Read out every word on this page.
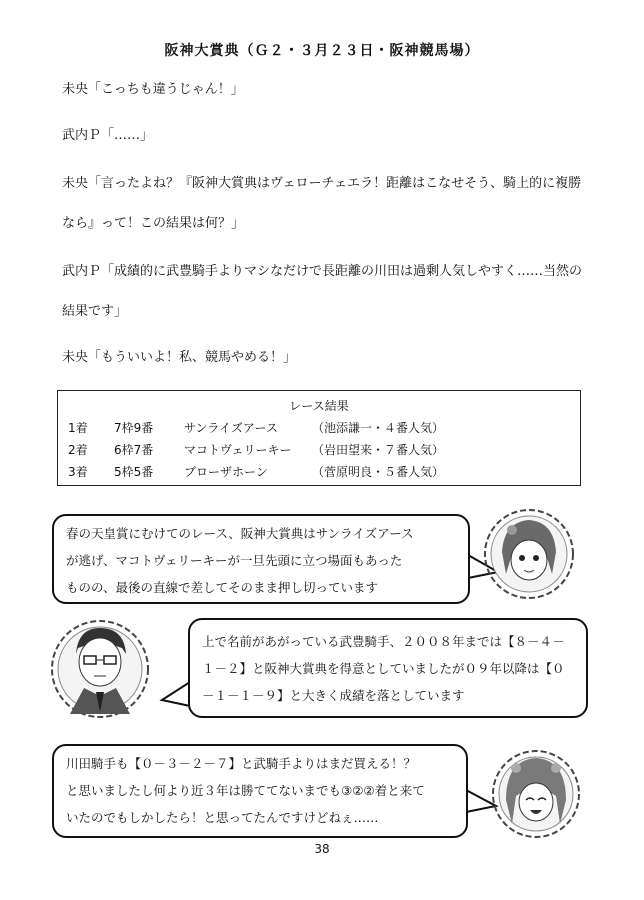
阪神大賞典（Ｇ２・３月２３日・阪神競馬場）
未央「こっちも違うじゃん！」
武内Ｐ「……」
未央「言ったよね？『阪神大賞典はヴェローチェエラ！距離はこなせそう、騎上的に複勝
なら』って！この結果は何？」
武内Ｐ「成績的に武豊騎手よりマシなだけで長距離の川田は過剰人気しやすく……当然の
結果です」
未央「もういいよ！私、競馬やめる！」
レース結果
1着 7枠9番	サンライズアース	（池添謙一・４番人気）
2着 6枠7番	マコトヴェリーキー （岩田望来・７番人気）
3着 5枠5番	ブローザホーン	（菅原明良・５番人気）

春の天皇賞にむけてのレース、阪神大賞典はサンライズアース

が逃げ、マコトヴェリーキーが一旦先頭に立つ場面もあった

ものの、最後の直線で差してそのまま押し切っています

上で名前があがっている武豊騎手、２００８年までは【８－４－

１－２】と阪神大賞典を得意としていましたが０９年以降は【０

－１－１－９】と大きく成績を落としています

川田騎手も【０－３－２－７】と武騎手よりはまだ買える！？

と思いましたし何より近３年は勝ててないまでも③②②着と来て

いたのでもしかしたら！と思ってたんですけどねぇ……

38
